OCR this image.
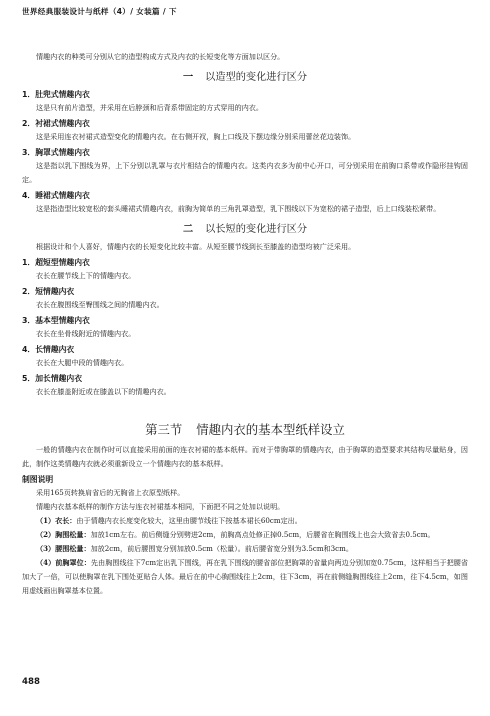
世界经典服装设计与纸样（4）/ 女装篇 / 下

情趣内衣的种类可分别从它的造型构成方式及内衣的长短变化等方面加以区分。

一 以造型的变化进行区分
1．肚兜式情趣内衣

这是只有前片造型，并采用在后脖颈和后背系带固定的方式穿用的内衣。

2．衬裙式情趣内衣

这是采用连衣衬裙式造型变化的情趣内衣。在右侧开衩，胸上口线及下摆边缘分别采用蕾丝花边装饰。

3．胸罩式情趣内衣

这是指以乳下围线为界，上下分别以乳罩与衣片相结合的情趣内衣。这类内衣多为前中心开口，可分别采用在前胸口系带或作隐形挂钩固定。

4．睡裙式情趣内衣

这是指造型比较宽松的套头睡裙式情趣内衣，前胸为简单的三角乳罩造型，乳下围线以下为宽松的裙子造型，后上口线装松紧带。

二 以长短的变化进行区分

根据设计和个人喜好，情趣内衣的长短变化比较丰富。从短至腰节线到长至膝盖的造型均被广泛采用。

1．超短型情趣内衣

衣长在腰节线上下的情趣内衣。

2．短情趣内衣

衣长在腹围线至臀围线之间的情趣内衣。

3．基本型情趣内衣

衣长在坐骨线附近的情趣内衣。

4．长情趣内衣

衣长在大腿中段的情趣内衣。

5．加长情趣内衣

衣长在膝盖附近或在膝盖以下的情趣内衣。

第三节 情趣内衣的基本型纸样设立

一般的情趣内衣在制作时可以直接采用前面的连衣衬裙的基本纸样。而对于带胸罩的情趣内衣，由于胸罩的造型要求其结构尽量贴身，因此，制作这类情趣内衣就必须重新设立一个情趣内衣的基本纸样。

制图说明

采用165页转换肩省后的无胸省上衣原型纸样。

情趣内衣基本纸样的制作方法与连衣衬裙基本相同，下面把不同之处加以说明。

（1）衣长：由于情趣内衣长度变化较大，这里由腰节线往下按基本裙长60cm定出。

（2）胸围松量：加放1cm左右。前后侧缝分别劈进2cm，前胸高点处修正掉0.5cm，后腰省在胸围线上也会大致省去0.5cm。

（3）腰围松量：加放2cm，前后腰围宽分别加放0.5cm（松量）。前后腰省宽分别为3.5cm和3cm。

（4）前胸罩位：先由胸围线往下7cm定出乳下围线，再在乳下围线的腰省部位把胸罩的省量向两边分别加宽0.75cm，这样相当于把腰省加大了一倍，可以使胸罩在乳下围处更贴合人体。最后在前中心胸围线往上2cm，往下3cm，再在前侧缝胸围线往上2cm，往下4.5cm，如图用虚线画出胸罩基本位置。

488
